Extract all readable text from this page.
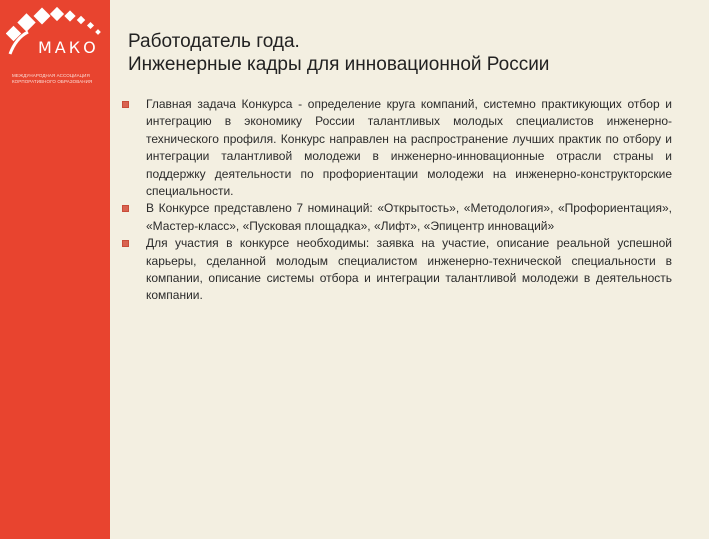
МАКО
МЕЖДУНАРОДНАЯ АССОЦИАЦИЯ КОРПОРАТИВНОГО ОБРАЗОВАНИЯ
Работодатель года.
Инженерные кадры для инновационной России
Главная задача Конкурса - определение круга компаний, системно практикующих отбор и интеграцию в экономику России талантливых молодых специалистов инженерно-технического профиля. Конкурс направлен на распространение лучших практик по отбору и интеграции талантливой молодежи в инженерно-инновационные отрасли страны и поддержку деятельности по профориентации молодежи на инженерно-конструкторские специальности.
В Конкурсе представлено 7 номинаций: «Открытость», «Методология», «Профориентация», «Мастер-класс», «Пусковая площадка», «Лифт», «Эпицентр инноваций»
Для участия в конкурсе необходимы: заявка на участие, описание реальной успешной карьеры, сделанной молодым специалистом инженерно-технической специальности в компании, описание системы отбора и интеграции талантливой молодежи в деятельность компании.
